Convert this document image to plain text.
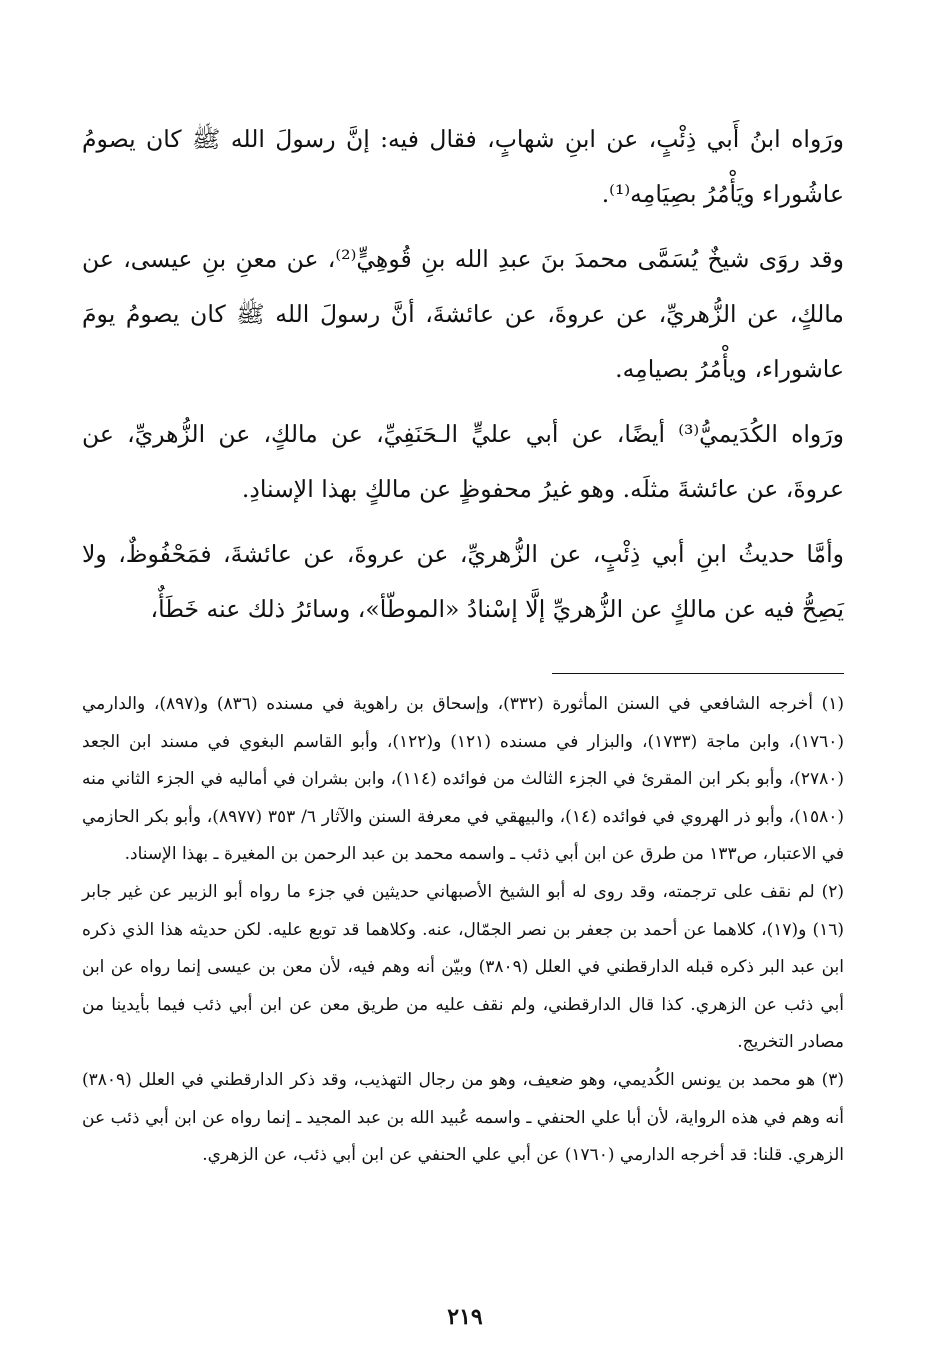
ورَواه ابنُ أَبي ذِئْبٍ، عن ابنِ شهابٍ، فقال فيه: إنَّ رسولَ الله ﷺ كان يصومُ عاشُوراء ويَأْمُرُ بصِيَامِه⁽¹⁾.

وقد روَى شيخٌ يُسَمَّى محمدَ بنَ عبدِ الله بنِ قُوهِيٍّ⁽²⁾، عن معنِ بنِ عيسى، عن مالكٍ، عن الزُّهريِّ، عن عروةَ، عن عائشةَ، أنَّ رسولَ الله ﷺ كان يصومُ يومَ عاشوراء، ويأْمُرُ بصيامِه.

ورَواه الكُدَيميُّ⁽³⁾ أيضًا، عن أبي عليٍّ الـحَنَفِيِّ، عن مالكٍ، عن الزُّهريِّ، عن عروةَ، عن عائشةَ مثلَه. وهو غيرُ محفوظٍ عن مالكٍ بهذا الإسنادِ.

وأمَّا حديثُ ابنِ أبي ذِئْبٍ، عن الزُّهريِّ، عن عروةَ، عن عائشةَ، فمَحْفُوظٌ، ولا يَصِحُّ فيه عن مالكٍ عن الزُّهريِّ إلَّا إسْنادُ «الموطّأ»، وسائرُ ذلك عنه خَطَأٌ،

(١) أخرجه الشافعي في السنن المأثورة (٣٣٢)، وإسحاق بن راهوية في مسنده (٨٣٦) و(٨٩٧)، والدارمي (١٧٦٠)، وابن ماجة (١٧٣٣)، والبزار في مسنده (١٢١) و(١٢٢)، وأبو القاسم البغوي في مسند ابن الجعد (٢٧٨٠)، وأبو بكر ابن المقرئ في الجزء الثالث من فوائده (١١٤)، وابن بشران في أماليه في الجزء الثاني منه (١٥٨٠)، وأبو ذر الهروي في فوائده (١٤)، والبيهقي في معرفة السنن والآثار ٦/ ٣٥٣ (٨٩٧٧)، وأبو بكر الحازمي في الاعتبار، ص١٣٣ من طرق عن ابن أبي ذئب ـ واسمه محمد بن عبد الرحمن بن المغيرة ـ بهذا الإسناد.

(٢) لم نقف على ترجمته، وقد روى له أبو الشيخ الأصبهاني حديثين في جزء ما رواه أبو الزبير عن غير جابر (١٦) و(١٧)، كلاهما عن أحمد بن جعفر بن نصر الجمّال، عنه. وكلاهما قد توبع عليه. لكن حديثه هذا الذي ذكره ابن عبد البر ذكره قبله الدارقطني في العلل (٣٨٠٩) وبيّن أنه وهم فيه، لأن معن بن عيسى إنما رواه عن ابن أبي ذئب عن الزهري. كذا قال الدارقطني، ولم نقف عليه من طريق معن عن ابن أبي ذئب فيما بأيدينا من مصادر التخريج.

(٣) هو محمد بن يونس الكُديمي، وهو ضعيف، وهو من رجال التهذيب، وقد ذكر الدارقطني في العلل (٣٨٠٩) أنه وهم في هذه الرواية، لأن أبا علي الحنفي ـ واسمه عُبيد الله بن عبد المجيد ـ إنما رواه عن ابن أبي ذئب عن الزهري. قلنا: قد أخرجه الدارمي (١٧٦٠) عن أبي علي الحنفي عن ابن أبي ذئب، عن الزهري.

٢١٩
